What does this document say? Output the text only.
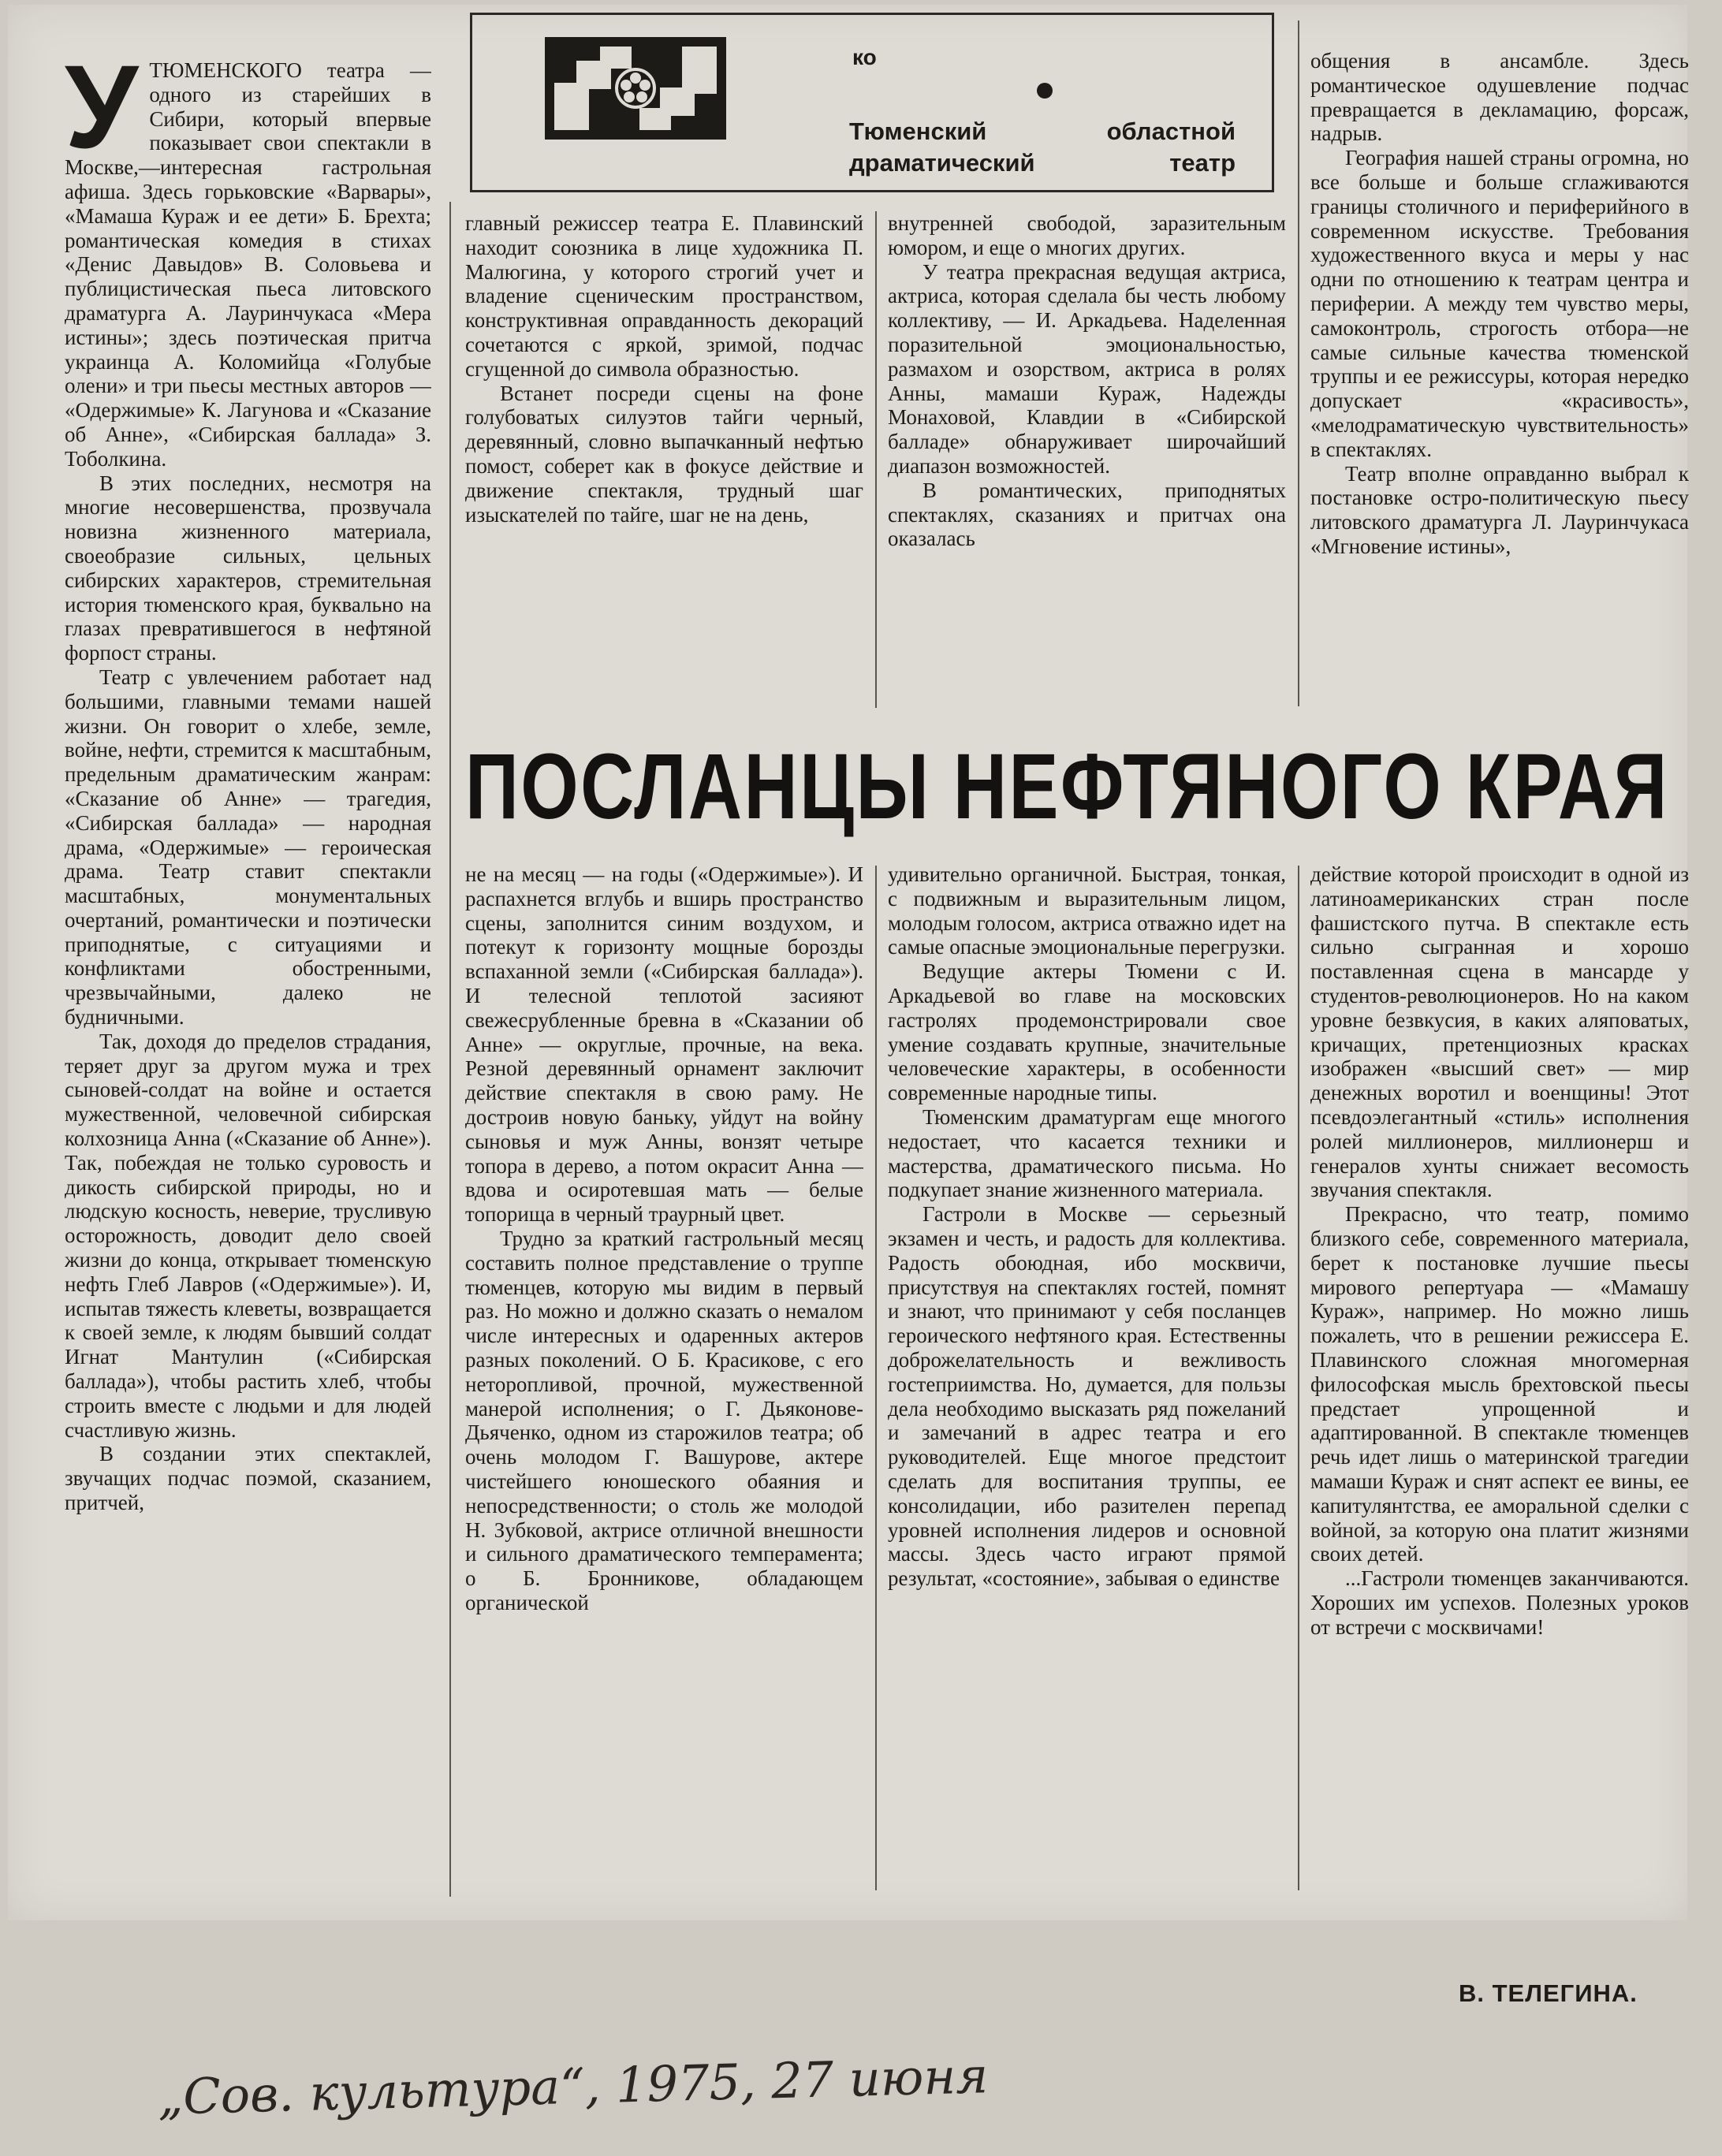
ко
Тюменский областной драматический театр
У ТЮМЕНСКОГО театра — одного из старейших в Сибири, который впервые показывает свои спектакли в Москве,—интересная гастрольная афиша. Здесь горьковские «Варвары», «Мамаша Кураж и ее дети» Б. Брехта; романтическая комедия в стихах «Денис Давыдов» В. Соловьева и публицистическая пьеса литовского драматурга А. Лауринчукаса «Мера истины»; здесь поэтическая притча украинца А. Коломийца «Голубые олени» и три пьесы местных авторов — «Одержимые» К. Лагунова и «Сказание об Анне», «Сибирская баллада» З. Тоболкина.

В этих последних, несмотря на многие несовершенства, прозвучала новизна жизненного материала, своеобразие сильных, цельных сибирских характеров, стремительная история тюменского края, буквально на глазах превратившегося в нефтяной форпост страны.

Театр с увлечением работает над большими, главными темами нашей жизни. Он говорит о хлебе, земле, войне, нефти, стремится к масштабным, предельным драматическим жанрам: «Сказание об Анне» — трагедия, «Сибирская баллада» — народная драма, «Одержимые» — героическая драма. Театр ставит спектакли масштабных, монументальных очертаний, романтически и поэтически приподнятые, с ситуациями и конфликтами обостренными, чрезвычайными, далеко не будничными.

Так, доходя до пределов страдания, теряет друг за другом мужа и трех сыновей-солдат на войне и остается мужественной, человечной сибирская колхозница Анна («Сказание об Анне»). Так, побеждая не только суровость и дикость сибирской природы, но и людскую косность, неверие, трусливую осторожность, доводит дело своей жизни до конца, открывает тюменскую нефть Глеб Лавров («Одержимые»). И, испытав тяжесть клеветы, возвращается к своей земле, к людям бывший солдат Игнат Мантулин («Сибирская баллада»), чтобы растить хлеб, чтобы строить вместе с людьми и для людей счастливую жизнь.

В создании этих спектаклей, звучащих подчас поэмой, сказанием, притчей,

главный режиссер театра Е. Плавинский находит союзника в лице художника П. Малюгина, у которого строгий учет и владение сценическим пространством, конструктивная оправданность декораций сочетаются с яркой, зримой, подчас сгущенной до символа образностью.

Встанет посреди сцены на фоне голубоватых силуэтов тайги черный, деревянный, словно выпачканный нефтью помост, соберет как в фокусе действие и движение спектакля, трудный шаг изыскателей по тайге, шаг не на день,

внутренней свободой, заразительным юмором, и еще о многих других.

У театра прекрасная ведущая актриса, актриса, которая сделала бы честь любому коллективу, — И. Аркадьева. Наделенная поразительной эмоциональностью, размахом и озорством, актриса в ролях Анны, мамаши Кураж, Надежды Монаховой, Клавдии в «Сибирской балладе» обнаруживает широчайший диапазон возможностей.

В романтических, приподнятых спектаклях, сказаниях и притчах она оказалась

общения в ансамбле. Здесь романтическое одушевление подчас превращается в декламацию, форсаж, надрыв.

География нашей страны огромна, но все больше и больше сглаживаются границы столичного и периферийного в современном искусстве. Требования художественного вкуса и меры у нас одни по отношению к театрам центра и периферии. А между тем чувство меры, самоконтроль, строгость отбора—не самые сильные качества тюменской труппы и ее режиссуры, которая нередко допускает «красивость», «мелодраматическую чувствительность» в спектаклях.

Театр вполне оправданно выбрал к постановке остро-политическую пьесу литовского драматурга Л. Лауринчукаса «Мгновение истины»,

ПОСЛАНЦЫ НЕФТЯНОГО КРАЯ

не на месяц — на годы («Одержимые»). И распахнется вглубь и вширь пространство сцены, заполнится синим воздухом, и потекут к горизонту мощные борозды вспаханной земли («Сибирская баллада»). И телесной теплотой засияют свежесрубленные бревна в «Сказании об Анне» — округлые, прочные, на века. Резной деревянный орнамент заключит действие спектакля в свою раму. Не достроив новую баньку, уйдут на войну сыновья и муж Анны, вонзят четыре топора в дерево, а потом окрасит Анна — вдова и осиротевшая мать — белые топорища в черный траурный цвет.

Трудно за краткий гастрольный месяц составить полное представление о труппе тюменцев, которую мы видим в первый раз. Но можно и должно сказать о немалом числе интересных и одаренных актеров разных поколений. О Б. Красикове, с его неторопливой, прочной, мужественной манерой исполнения; о Г. Дьяконове-Дьяченко, одном из старожилов театра; об очень молодом Г. Вашурове, актере чистейшего юношеского обаяния и непосредственности; о столь же молодой Н. Зубковой, актрисе отличной внешности и сильного драматического темперамента; о Б. Бронникове, обладающем органической

удивительно органичной. Быстрая, тонкая, с подвижным и выразительным лицом, молодым голосом, актриса отважно идет на самые опасные эмоциональные перегрузки.

Ведущие актеры Тюмени с И. Аркадьевой во главе на московских гастролях продемонстрировали свое умение создавать крупные, значительные человеческие характеры, в особенности современные народные типы.

Тюменским драматургам еще многого недостает, что касается техники и мастерства, драматического письма. Но подкупает знание жизненного материала.

Гастроли в Москве — серьезный экзамен и честь, и радость для коллектива. Радость обоюдная, ибо москвичи, присутствуя на спектаклях гостей, помнят и знают, что принимают у себя посланцев героического нефтяного края. Естественны доброжелательность и вежливость гостеприимства. Но, думается, для пользы дела необходимо высказать ряд пожеланий и замечаний в адрес театра и его руководителей. Еще многое предстоит сделать для воспитания труппы, ее консолидации, ибо разителен перепад уровней исполнения лидеров и основной массы. Здесь часто играют прямой результат, «состояние», забывая о единстве

действие которой происходит в одной из латиноамериканских стран после фашистского путча. В спектакле есть сильно сыгранная и хорошо поставленная сцена в мансарде у студентов-революционеров. Но на каком уровне безвкусия, в каких аляповатых, кричащих, претенциозных красках изображен «высший свет» — мир денежных воротил и военщины! Этот псевдоэлегантный «стиль» исполнения ролей миллионеров, миллионерш и генералов хунты снижает весомость звучания спектакля.

Прекрасно, что театр, помимо близкого себе, современного материала, берет к постановке лучшие пьесы мирового репертуара — «Мамашу Кураж», например. Но можно лишь пожалеть, что в решении режиссера Е. Плавинского сложная многомерная философская мысль брехтовской пьесы предстает упрощенной и адаптированной. В спектакле тюменцев речь идет лишь о материнской трагедии мамаши Кураж и снят аспект ее вины, ее капитулянтства, ее аморальной сделки с войной, за которую она платит жизнями своих детей.

...Гастроли тюменцев заканчиваются. Хороших им успехов. Полезных уроков от встречи с москвичами!

В. ТЕЛЕГИНА.
„Сов. культура“, 1975, 27 июня
